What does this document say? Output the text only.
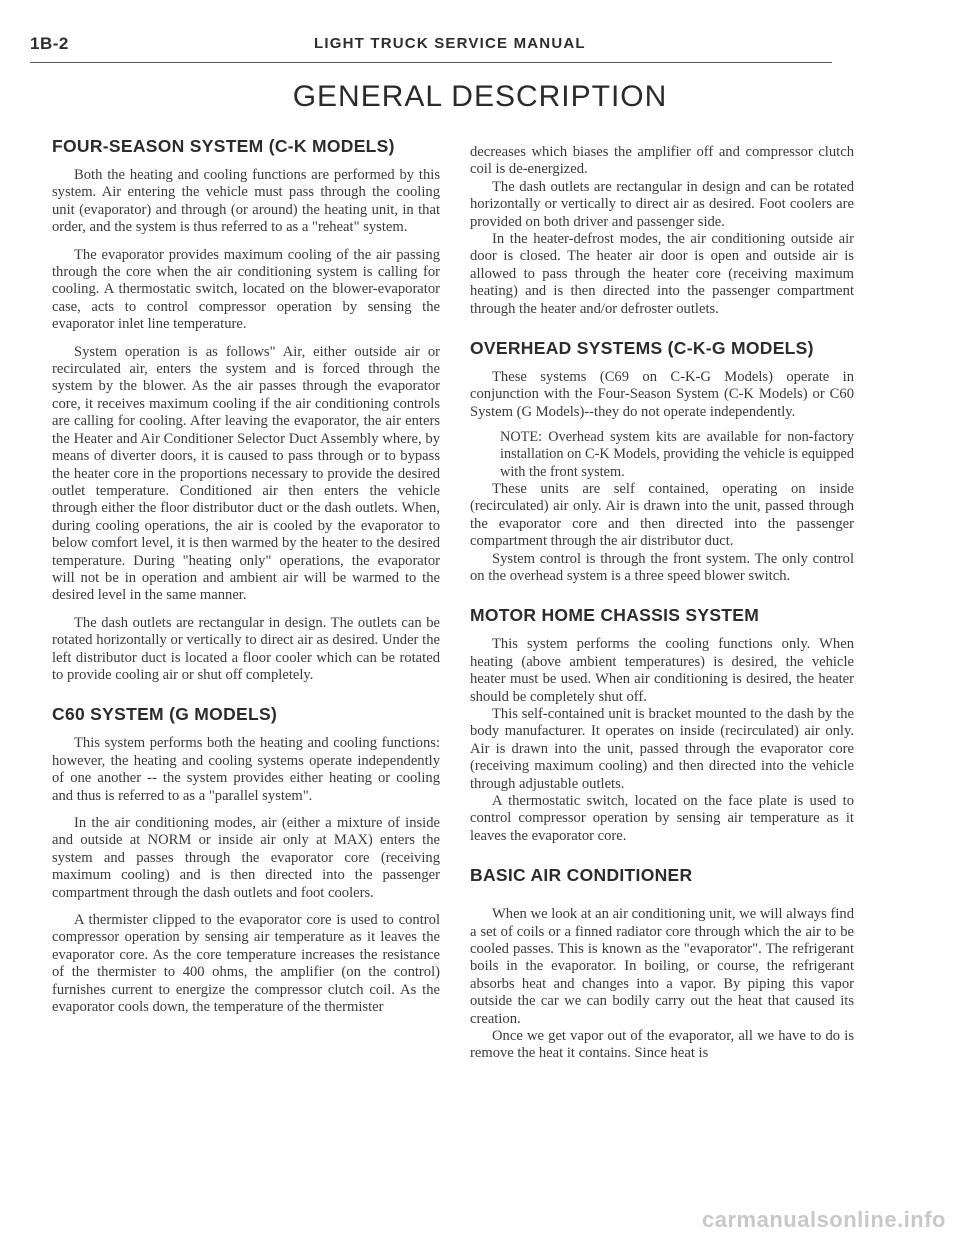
1B-2	LIGHT TRUCK SERVICE MANUAL
GENERAL DESCRIPTION
FOUR-SEASON SYSTEM (C-K MODELS)

Both the heating and cooling functions are performed by this system. Air entering the vehicle must pass through the cooling unit (evaporator) and through (or around) the heating unit, in that order, and the system is thus referred to as a "reheat" system.

The evaporator provides maximum cooling of the air passing through the core when the air conditioning system is calling for cooling. A thermostatic switch, located on the blower-evaporator case, acts to control compressor operation by sensing the evaporator inlet line temperature.

System operation is as follows" Air, either outside air or recirculated air, enters the system and is forced through the system by the blower. As the air passes through the evaporator core, it receives maximum cooling if the air conditioning controls are calling for cooling. After leaving the evaporator, the air enters the Heater and Air Conditioner Selector Duct Assembly where, by means of diverter doors, it is caused to pass through or to bypass the heater core in the proportions necessary to provide the desired outlet temperature. Conditioned air then enters the vehicle through either the floor distributor duct or the dash outlets. When, during cooling operations, the air is cooled by the evaporator to below comfort level, it is then warmed by the heater to the desired temperature. During "heating only" operations, the evaporator will not be in operation and ambient air will be warmed to the desired level in the same manner.

The dash outlets are rectangular in design. The outlets can be rotated horizontally or vertically to direct air as desired. Under the left distributor duct is located a floor cooler which can be rotated to provide cooling air or shut off completely.

C60 SYSTEM (G MODELS)

This system performs both the heating and cooling functions: however, the heating and cooling systems operate independently of one another -- the system provides either heating or cooling and thus is referred to as a "parallel system".

In the air conditioning modes, air (either a mixture of inside and outside at NORM or inside air only at MAX) enters the system and passes through the evaporator core (receiving maximum cooling) and is then directed into the passenger compartment through the dash outlets and foot coolers.

A thermister clipped to the evaporator core is used to control compressor operation by sensing air temperature as it leaves the evaporator core. As the core temperature increases the resistance of the thermister to 400 ohms, the amplifier (on the control) furnishes current to energize the compressor clutch coil. As the evaporator cools down, the temperature of the thermister

decreases which biases the amplifier off and compressor clutch coil is de-energized.

The dash outlets are rectangular in design and can be rotated horizontally or vertically to direct air as desired. Foot coolers are provided on both driver and passenger side.

In the heater-defrost modes, the air conditioning outside air door is closed. The heater air door is open and outside air is allowed to pass through the heater core (receiving maximum heating) and is then directed into the passenger compartment through the heater and/or defroster outlets.

OVERHEAD SYSTEMS (C-K-G MODELS)

These systems (C69 on C-K-G Models) operate in conjunction with the Four-Season System (C-K Models) or C60 System (G Models)--they do not operate independently.

NOTE: Overhead system kits are available for non-factory installation on C-K Models, providing the vehicle is equipped with the front system.

These units are self contained, operating on inside (recirculated) air only. Air is drawn into the unit, passed through the evaporator core and then directed into the passenger compartment through the air distributor duct.

System control is through the front system. The only control on the overhead system is a three speed blower switch.

MOTOR HOME CHASSIS SYSTEM

This system performs the cooling functions only. When heating (above ambient temperatures) is desired, the vehicle heater must be used. When air conditioning is desired, the heater should be completely shut off.

This self-contained unit is bracket mounted to the dash by the body manufacturer. It operates on inside (recirculated) air only. Air is drawn into the unit, passed through the evaporator core (receiving maximum cooling) and then directed into the vehicle through adjustable outlets.

A thermostatic switch, located on the face plate is used to control compressor operation by sensing air temperature as it leaves the evaporator core.

BASIC AIR CONDITIONER

When we look at an air conditioning unit, we will always find a set of coils or a finned radiator core through which the air to be cooled passes. This is known as the "evaporator". The refrigerant boils in the evaporator. In boiling, or course, the refrigerant absorbs heat and changes into a vapor. By piping this vapor outside the car we can bodily carry out the heat that caused its creation.

Once we get vapor out of the evaporator, all we have to do is remove the heat it contains. Since heat is

carmanualsonline.info
